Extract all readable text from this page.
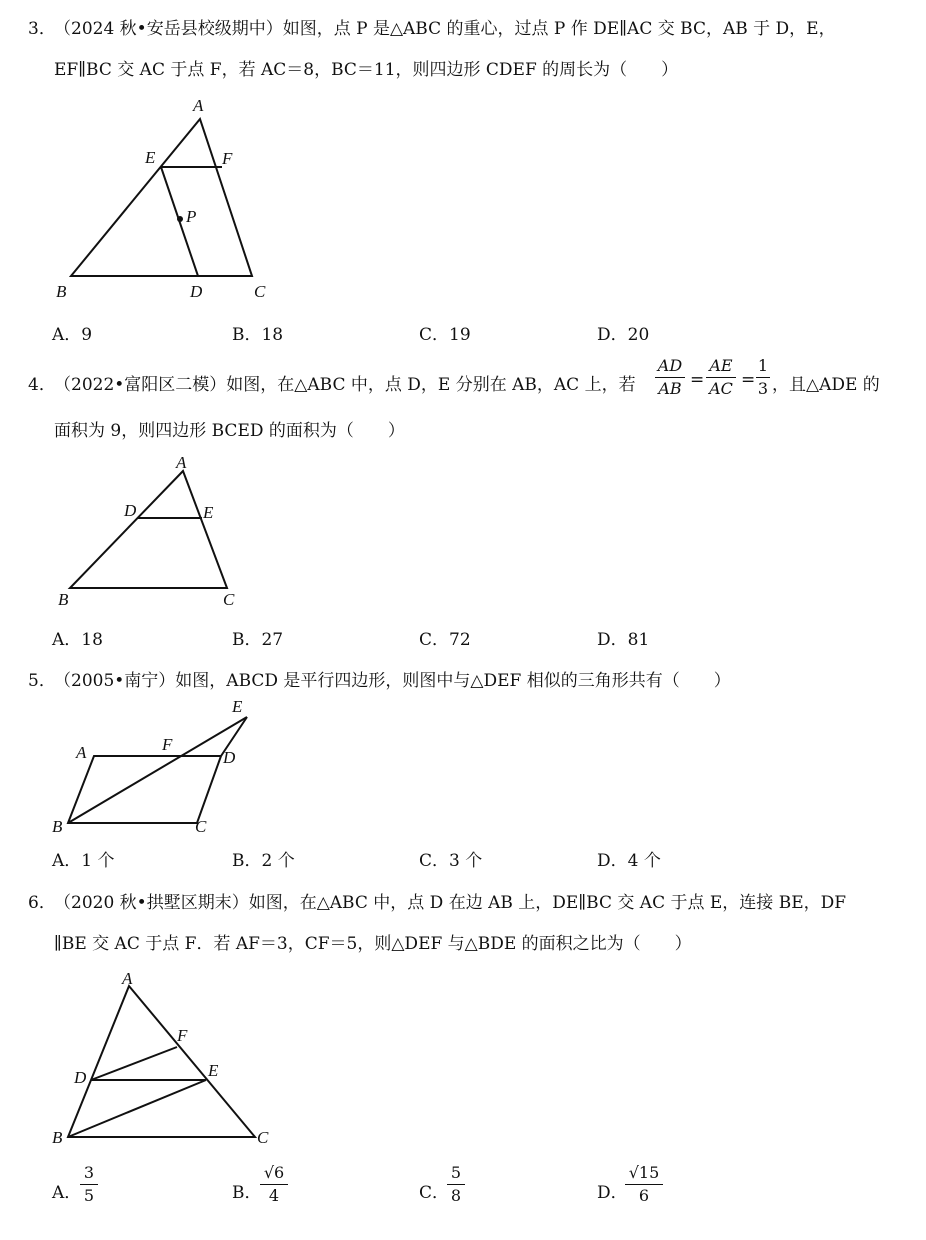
3．
（2024 秋•安岳县校级期中）如图，点 P 是△ABC 的重心，过点 P 作 DE∥AC 交 BC，AB 于 D，E，
EF∥BC 交 AC 于点 F，若 AC＝8，BC＝11，则四边形 CDEF 的周长为（　　）
A
E	F
P
B	D	C
A．9	B．18	C．19	D．20
4．
（2022•富阳区二模）如图，在△ABC 中，点 D，E 分别在 AB，AC 上，若
AD
AB =
AE
AC =
1
3 ，且△ADE 的
面积为 9，则四边形 BCED 的面积为（　　）
A
D	E
B	C
A．18	B．27	C．72	D．81
5．
（2005•南宁）如图，ABCD 是平行四边形，则图中与△DEF 相似的三角形共有（　　）
E
A	F
D
B	C
A．1 个	B．2 个	C．3 个	D．4 个
6．
（2020 秋•拱墅区期末）如图，在△ABC 中，点 D 在边 AB 上，DE∥BC 交 AC 于点 E，连接 BE，DF
∥BE 交 AC 于点 F．若 AF＝3，CF＝5，则△DEF 与△BDE 的面积之比为（　　）
A
F
D	E
B	C
A．
3
5	B．
√6
4	C．
5
8	D．
√15
6
